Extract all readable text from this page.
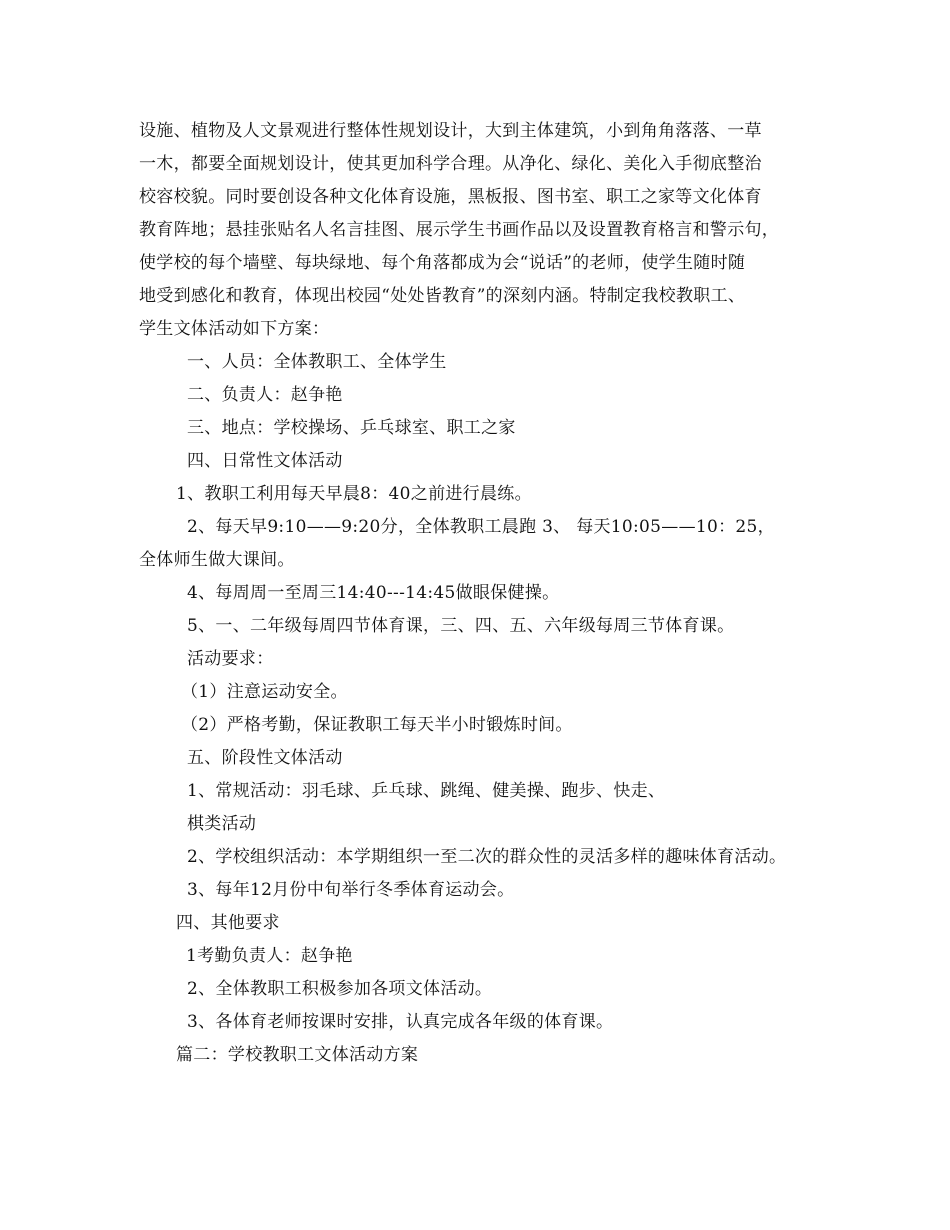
设施、植物及人文景观进行整体性规划设计，大到主体建筑，小到角角落落、一草
一木，都要全面规划设计，使其更加科学合理。从净化、绿化、美化入手彻底整治
校容校貌。同时要创设各种文化体育设施，黑板报、图书室、职工之家等文化体育
教育阵地；悬挂张贴名人名言挂图、展示学生书画作品以及设置教育格言和警示句，
使学校的每个墙壁、每块绿地、每个角落都成为会“说话”的老师，使学生随时随
地受到感化和教育，体现出校园“处处皆教育”的深刻内涵。特制定我校教职工、
学生文体活动如下方案：
一、人员：全体教职工、全体学生
二、负责人：赵争艳
三、地点：学校操场、乒乓球室、职工之家
四、日常性文体活动
1、教职工利用每天早晨8：40之前进行晨练。
2、每天早9:10——9:20分，全体教职工晨跑 3、 每天10:05——10：25，
全体师生做大课间。
4、每周周一至周三14:40---14:45做眼保健操。
5、一、二年级每周四节体育课，三、四、五、六年级每周三节体育课。
活动要求：
（1）注意运动安全。
（2）严格考勤，保证教职工每天半小时锻炼时间。
五、阶段性文体活动
1、常规活动：羽毛球、乒乓球、跳绳、健美操、跑步、快走、
棋类活动
2、学校组织活动：本学期组织一至二次的群众性的灵活多样的趣味体育活动。
3、每年12月份中旬举行冬季体育运动会。
四、其他要求
1考勤负责人：赵争艳
2、全体教职工积极参加各项文体活动。
3、各体育老师按课时安排，认真完成各年级的体育课。
篇二：学校教职工文体活动方案
